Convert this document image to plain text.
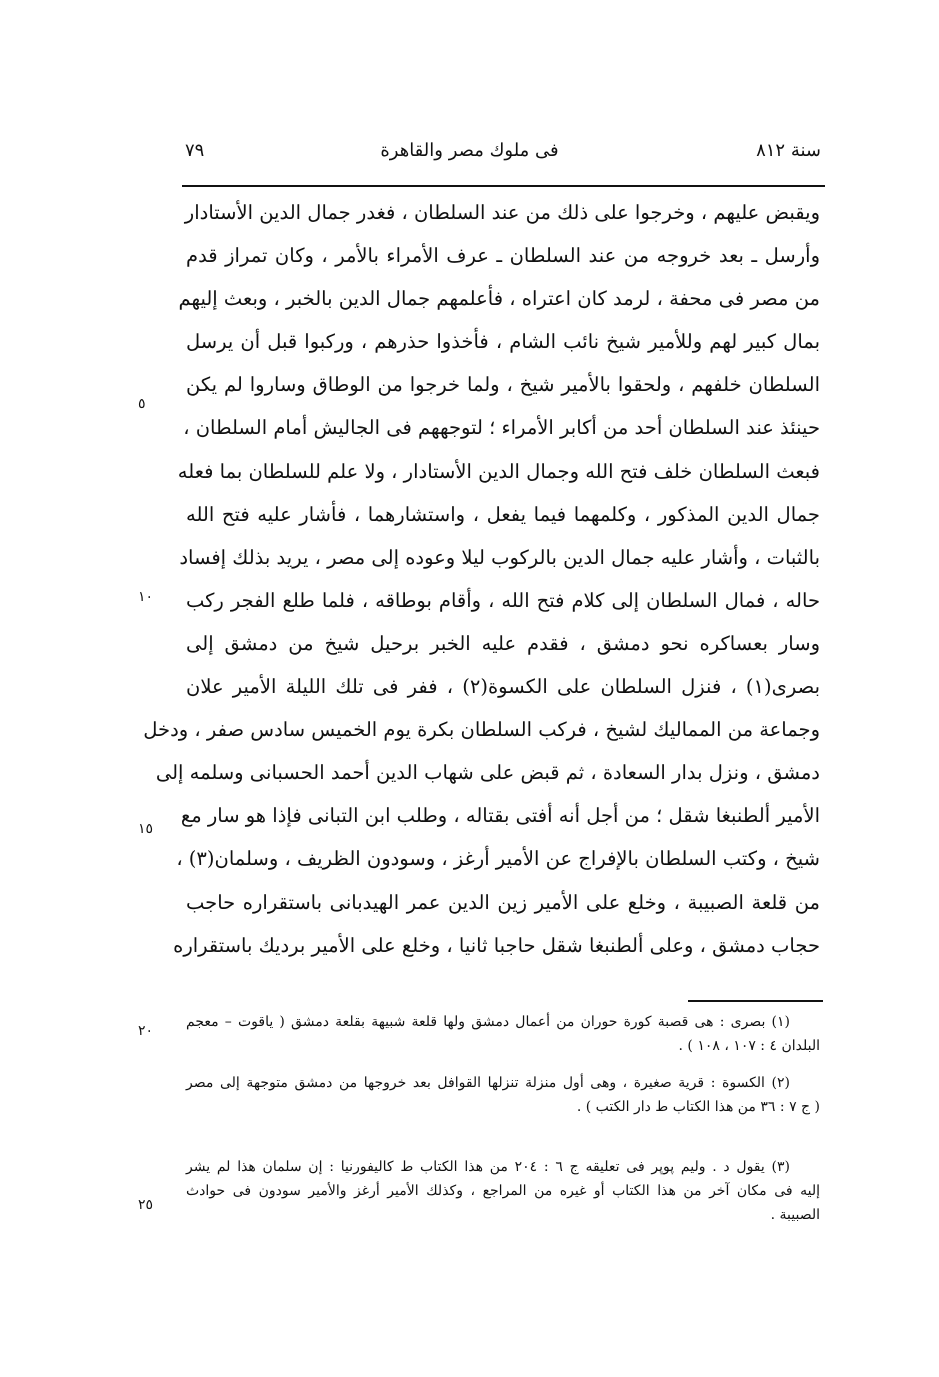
سنة ٨١٢
فى ملوك مصر والقاهرة
٧٩
ويقبض عليهم ، وخرجوا على ذلك من عند السلطان ، فغدر جمال الدين الأستادار
وأرسل ـ بعد خروجه من عند السلطان ـ عرف الأمراء بالأمر ، وكان تمراز قدم
من مصر فى محفة ، لرمد كان اعتراه ، فأعلمهم جمال الدين بالخبر ، وبعث إليهم
بمال كبير لهم وللأمير شيخ نائب الشام ، فأخذوا حذرهم ، وركبوا قبل أن يرسل
السلطان خلفهم ، ولحقوا بالأمير شيخ ، ولما خرجوا من الوطاق وساروا لم يكن
حينئذ عند السلطان أحد من أكابر الأمراء ؛ لتوجههم فى الجاليش أمام السلطان ،
فبعث السلطان خلف فتح الله وجمال الدين الأستادار ، ولا علم للسلطان بما فعله
جمال الدين المذكور ، وكلمهما فيما يفعل ، واستشارهما ، فأشار عليه فتح الله
بالثبات ، وأشار عليه جمال الدين بالركوب ليلا وعوده إلى مصر ، يريد بذلك إفساد
حاله ، فمال السلطان إلى كلام فتح الله ، وأقام بوطاقه ، فلما طلع الفجر ركب
وسار بعساكره نحو دمشق ، فقدم عليه الخبر برحيل شيخ من دمشق إلى
بصرى(١) ، فنزل السلطان على الكسوة(٢) ، ففر فى تلك الليلة الأمير علان
وجماعة من المماليك لشيخ ، فركب السلطان بكرة يوم الخميس سادس صفر ، ودخل
دمشق ، ونزل بدار السعادة ، ثم قبض على شهاب الدين أحمد الحسبانى وسلمه إلى
الأمير ألطنبغا شقل ؛ من أجل أنه أفتى بقتاله ، وطلب ابن التبانى فإذا هو سار مع
شيخ ، وكتب السلطان بالإفراج عن الأمير أرغز ، وسودون الظريف ، وسلمان(٣) ،
من قلعة الصبيبة ، وخلع على الأمير زين الدين عمر الهيدبانى باستقراره حاجب
حجاب دمشق ، وعلى ألطنبغا شقل حاجبا ثانيا ، وخلع على الأمير برديك باستقراره
٥
١٠
١٥
٢٠
٢٥
(١) بصرى : هى قصبة كورة حوران من أعمال دمشق ولها قلعة شبيهة بقلعة دمشق ( ياقوت – معجم
البلدان ٤ : ١٠٧ ، ١٠٨ ) .
(٢) الكسوة : قرية صغيرة ، وهى أول منزلة تنزلها القوافل بعد خروجها من دمشق متوجهة إلى مصر
( ج ٧ : ٣٦ من هذا الكتاب ط دار الكتب ) .
(٣) يقول د . وليم پوپر فى تعليقه ج ٦ : ٢٠٤ من هذا الكتاب ط كاليفورنيا : إن سلمان هذا لم يشر
إليه فى مكان آخر من هذا الكتاب أو غيره من المراجع ، وكذلك الأمير أرغز والأمير سودون فى حوادث
الصبيبة .
